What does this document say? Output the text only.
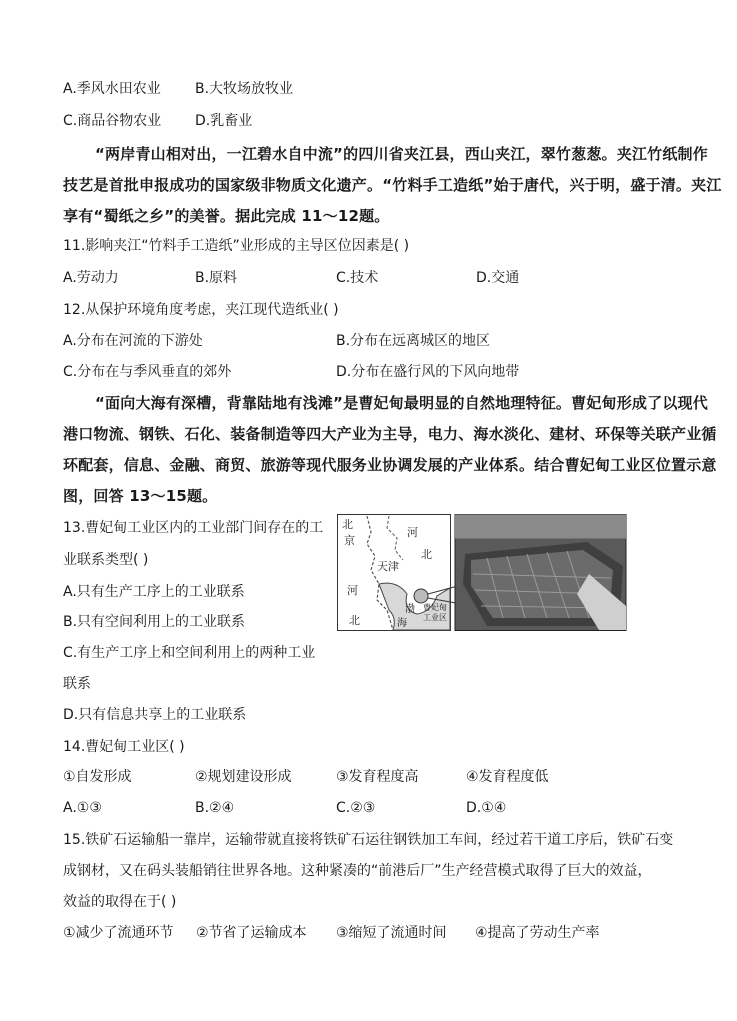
A.季风水田农业 B.大牧场放牧业
C.商品谷物农业 D.乳畜业
“两岸青山相对出，一江碧水自中流”的四川省夹江县，西山夹江，翠竹葱葱。夹江竹纸制作
技艺是首批申报成功的国家级非物质文化遗产。“竹料手工造纸”始于唐代，兴于明，盛于清。夹江
享有“蜀纸之乡”的美誉。据此完成 11～12题。
11.影响夹江“竹料手工造纸”业形成的主导区位因素是( )
A.劳动力	B.原料	C.技术	D.交通
12.从保护环境角度考虑，夹江现代造纸业( )
A.分布在河流的下游处	B.分布在远离城区的地区
C.分布在与季风垂直的郊外	D.分布在盛行风的下风向地带
“面向大海有深槽，背靠陆地有浅滩”是曹妃甸最明显的自然地理特征。曹妃甸形成了以现代
港口物流、钢铁、石化、装备制造等四大产业为主导，电力、海水淡化、建材、环保等关联产业循
环配套，信息、金融、商贸、旅游等现代服务业协调发展的产业体系。结合曹妃甸工业区位置示意
图，回答 13～15题。
13.曹妃甸工业区内的工业部门间存在的工
业联系类型( )
A.只有生产工序上的工业联系
B.只有空间利用上的工业联系
C.有生产工序上和空间利用上的两种工业
联系
D.只有信息共享上的工业联系
北
京
河
北
天津
河
北
渤
海
曹妃甸
工业区
14.曹妃甸工业区( )
①自发形成	②规划建设形成	③发育程度高	④发育程度低
A.①③	B.②④	C.②③	D.①④
15.铁矿石运输船一靠岸，运输带就直接将铁矿石运往钢铁加工车间，经过若干道工序后，铁矿石变
成钢材，又在码头装船销往世界各地。这种紧凑的“前港后厂”生产经营模式取得了巨大的效益，
效益的取得在于( )
①减少了流通环节 ②节省了运输成本 ③缩短了流通时间 ④提高了劳动生产率
